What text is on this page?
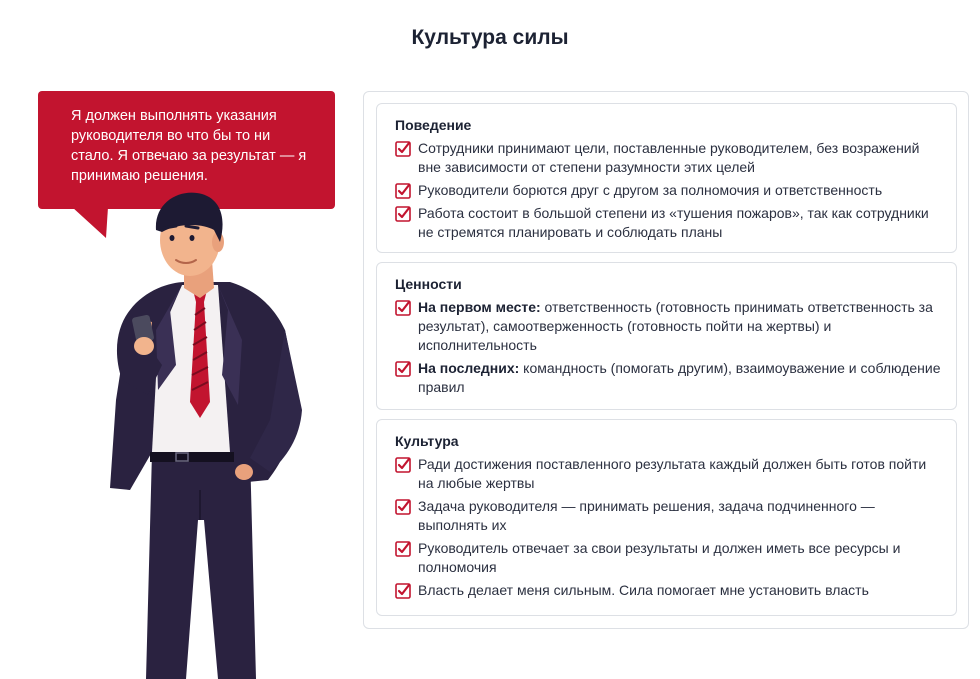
Культура силы
Я должен выполнять указания руководителя во что бы то ни стало. Я отвечаю за результат — я принимаю решения.
Поведение
Сотрудники принимают цели, поставленные руководителем, без возражений вне зависимости от степени разумности этих целей
Руководители борются друг с другом за полномочия и ответственность
Работа состоит в большой степени из «тушения пожаров», так как сотрудники не стремятся планировать и соблюдать планы
Ценности
На первом месте: ответственность (готовность принимать ответственность за результат), самоотверженность (готовность пойти на жертвы) и исполнительность
На последних: командность (помогать другим), взаимоуважение и соблюдение правил
Культура
Ради достижения поставленного результата каждый должен быть готов пойти на любые жертвы
Задача руководителя — принимать решения, задача подчиненного — выполнять их
Руководитель отвечает за свои результаты и должен иметь все ресурсы и полномочия
Власть делает меня сильным. Сила помогает мне установить власть
